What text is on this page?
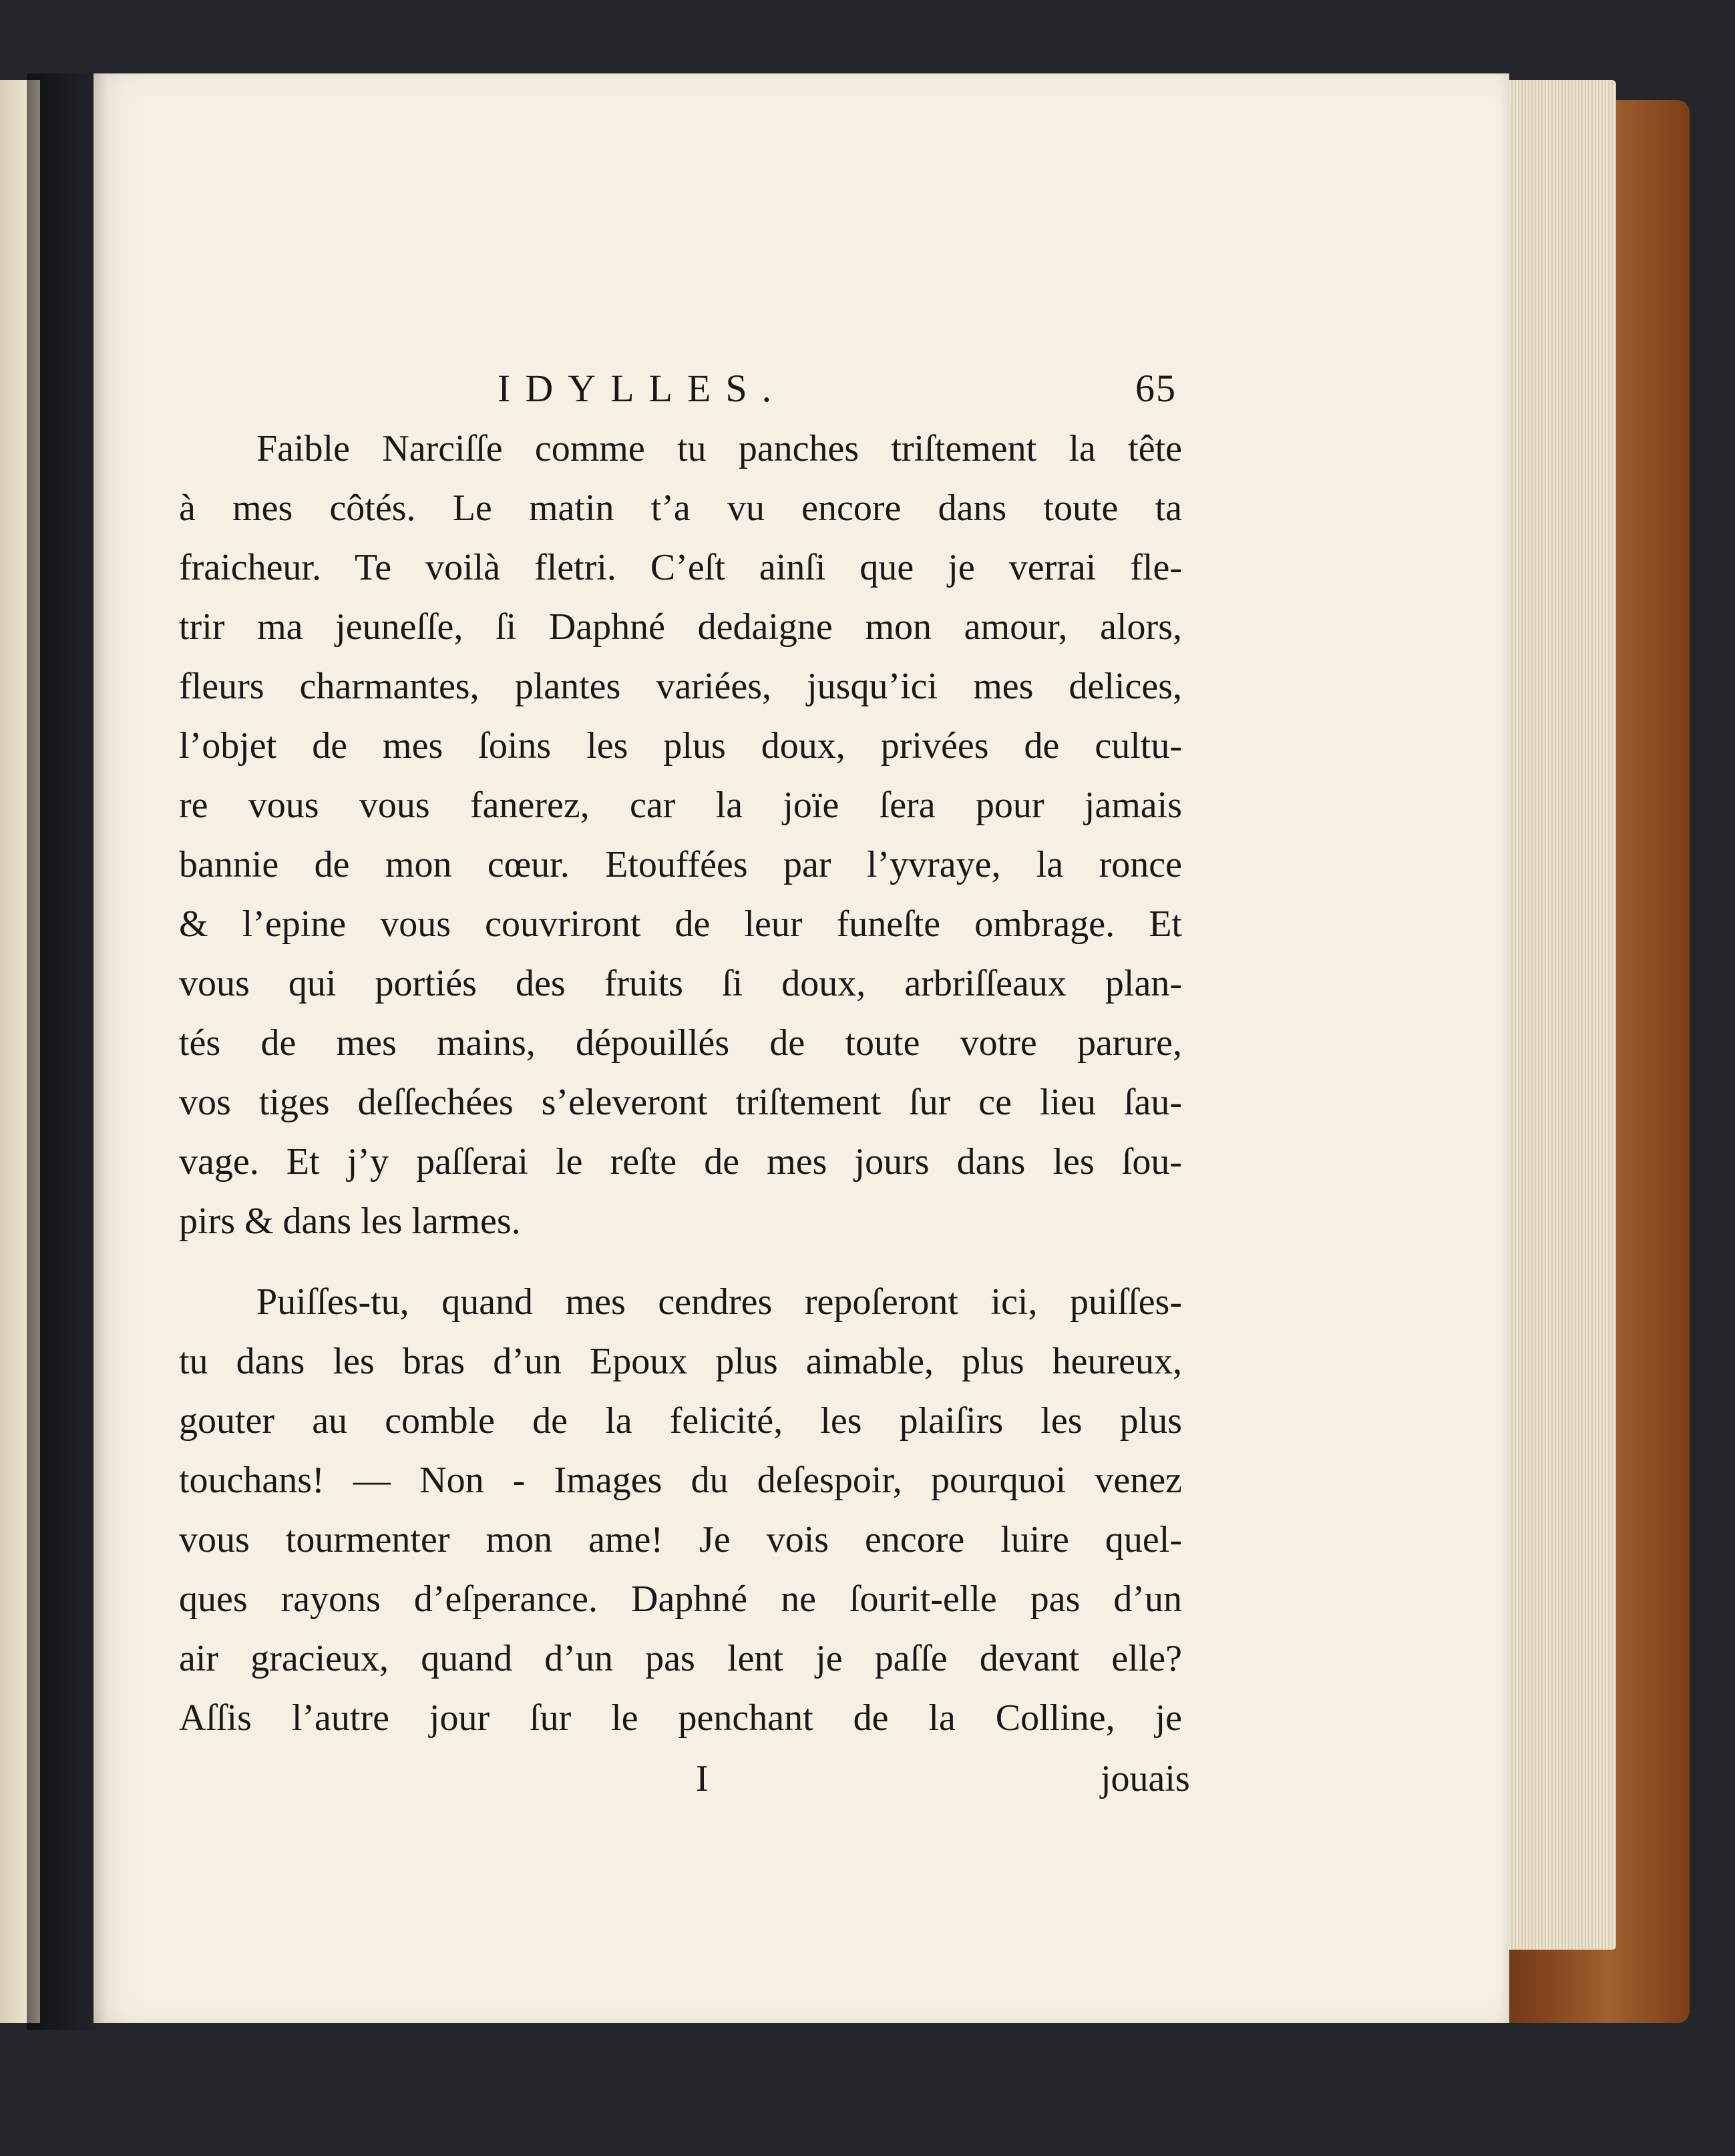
IDYLLES.	65
Faible Narciſſe comme tu panches triſtement la tête
à mes côtés. Le matin t’a vu encore dans toute ta
fraicheur. Te voilà fletri. C’eſt ainſi que je verrai fle-
trir ma jeuneſſe, ſi Daphné dedaigne mon amour, alors,
fleurs charmantes, plantes variées, jusqu’ici mes delices,
l’objet de mes ſoins les plus doux, privées de cultu-
re vous vous fanerez, car la joïe ſera pour jamais
bannie de mon cœur. Etouffées par l’yvraye, la ronce
& l’epine vous couvriront de leur funeſte ombrage. Et
vous qui portiés des fruits ſi doux, arbriſſeaux plan-
tés de mes mains, dépouillés de toute votre parure,
vos tiges deſſechées s’eleveront triſtement ſur ce lieu ſau-
vage. Et j’y paſſerai le reſte de mes jours dans les ſou-
pirs & dans les larmes.
Puiſſes-tu, quand mes cendres repoſeront ici, puiſſes-
tu dans les bras d’un Epoux plus aimable, plus heureux,
gouter au comble de la felicité, les plaiſirs les plus
touchans! — Non - Images du deſespoir, pourquoi venez
vous tourmenter mon ame! Je vois encore luire quel-
ques rayons d’eſperance. Daphné ne ſourit-elle pas d’un
air gracieux, quand d’un pas lent je paſſe devant elle?
Aſſis l’autre jour ſur le penchant de la Colline, je
I	jouais
